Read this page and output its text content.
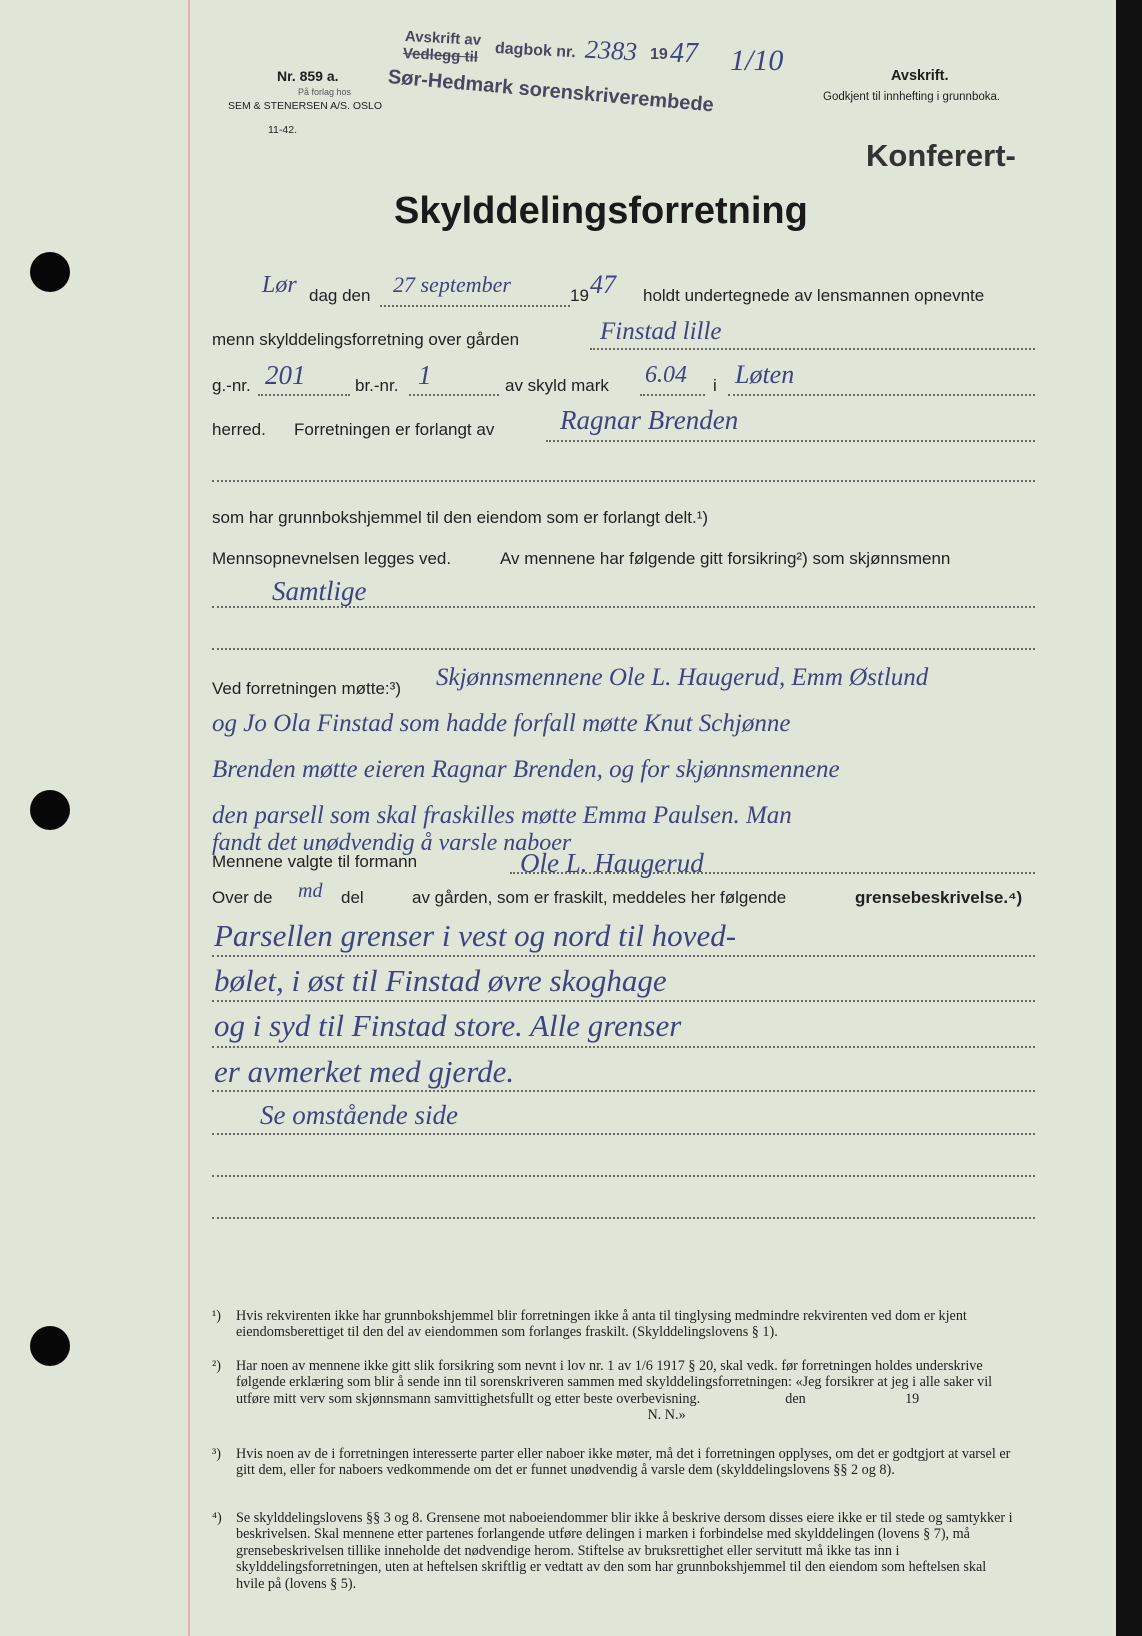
Nr. 859 a.
På forlag hos
SEM & STENERSEN A/S. OSLO
11-42.
Avskrift av
Vedlegg til dagbok nr. 2383 19 47 1/10
Sør-Hedmark sorenskriverembede	Avskrift.
Godkjent til innhefting i grunnboka.
Konferert-
Skylddelingsforretning
Lør dag den 27 september	19 47 holdt undertegnede av lensmannen opnevnte
menn skylddelingsforretning over gården	Finstad lille
g.-nr. 201	br.-nr. 1	av skyld mark 6.04 i Løten
herred. Forretningen er forlangt av Ragnar Brenden
som har grunnbokshjemmel til den eiendom som er forlangt delt.¹)
Mennsopnevnelsen legges ved.	Av mennene har følgende gitt forsikring²) som skjønnsmenn
Samtlige
Ved forretningen møtte:³) Skjønnsmennene Ole L. Haugerud, Emm Østlund
og Jo Ola Finstad som hadde forfall møtte Knut Schjønne
Brenden møtte eieren Ragnar Brenden, og for skjønnsmennene
den parsell som skal fraskilles møtte Emma Paulsen. Man
fandt det unødvendig å varsle naboer
Mennene valgte til formann	Ole L. Haugerud
Over de md del	av gården, som er fraskilt, meddeles her følgende	grensebeskrivelse.⁴)
Parsellen grenser i vest og nord til hoved-
bølet, i øst til Finstad øvre skoghage
og i syd til Finstad store. Alle grenser
er avmerket med gjerde.
Se omstående side
¹) Hvis rekvirenten ikke har grunnbokshjemmel blir forretningen ikke å anta til tinglysing medmindre rekvirenten ved dom er kjent eiendomsberettiget til den del av eiendommen som forlanges fraskilt. (Skylddelingslovens § 1).
²) Har noen av mennene ikke gitt slik forsikring som nevnt i lov nr. 1 av 1/6 1917 § 20, skal vedk. før forretningen holdes underskrive følgende erklæring som blir å sende inn til sorenskriveren sammen med skylddelingsforretningen: «Jeg forsikrer at jeg i alle saker vil utføre mitt verv som skjønnsmann samvittighetsfullt og etter beste overbevisning.      den       19
                             N. N.»
³) Hvis noen av de i forretningen interesserte parter eller naboer ikke møter, må det i forretningen opplyses, om det er godtgjort at varsel er gitt dem, eller for naboers vedkommende om det er funnet unødvendig å varsle dem (skylddelingslovens §§ 2 og 8).
⁴) Se skylddelingslovens §§ 3 og 8. Grensene mot naboeiendommer blir ikke å beskrive dersom disses eiere ikke er til stede og samtykker i beskrivelsen. Skal mennene etter partenes forlangende utføre delingen i marken i forbindelse med skylddelingen (lovens § 7), må grensebeskrivelsen tillike inneholde det nødvendige herom. Stiftelse av bruksrettighet eller servitutt må ikke tas inn i skylddelingsforretningen, uten at heftelsen skriftlig er vedtatt av den som har grunnbokshjemmel til den eiendom som heftelsen skal hvile på (lovens § 5).
